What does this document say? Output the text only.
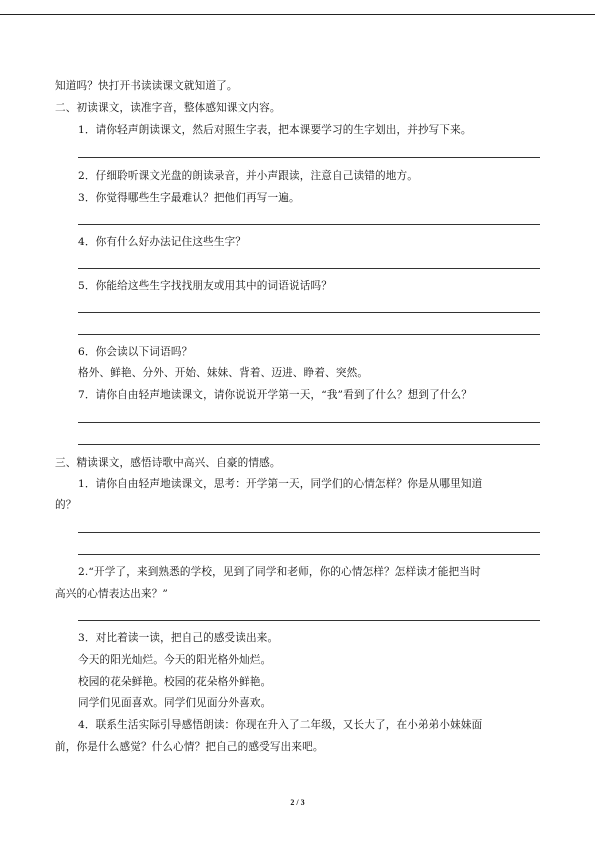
知道吗？快打开书读读课文就知道了。
二、初读课文，读准字音，整体感知课文内容。
1．请你轻声朗读课文，然后对照生字表，把本课要学习的生字划出，并抄写下来。
2．仔细聆听课文光盘的朗读录音，并小声跟读，注意自己读错的地方。
3．你觉得哪些生字最难认？把他们再写一遍。
4．你有什么好办法记住这些生字？
5．你能给这些生字找找朋友或用其中的词语说话吗？
6．你会读以下词语吗？
格外、鲜艳、分外、开始、妹妹、背着、迈进、睁着、突然。
7．请你自由轻声地读课文，请你说说开学第一天，“我”看到了什么？想到了什么？
三、精读课文，感悟诗歌中高兴、自豪的情感。
1．请你自由轻声地读课文，思考：开学第一天，同学们的心情怎样？你是从哪里知道
的？
2.“开学了，来到熟悉的学校，见到了同学和老师，你的心情怎样？怎样读才能把当时
高兴的心情表达出来？”
3．对比着读一读，把自己的感受读出来。
今天的阳光灿烂。今天的阳光格外灿烂。
校园的花朵鲜艳。校园的花朵格外鲜艳。
同学们见面喜欢。同学们见面分外喜欢。
4．联系生活实际引导感悟朗读：你现在升入了二年级，又长大了，在小弟弟小妹妹面
前，你是什么感觉？什么心情？把自己的感受写出来吧。
2 / 3
